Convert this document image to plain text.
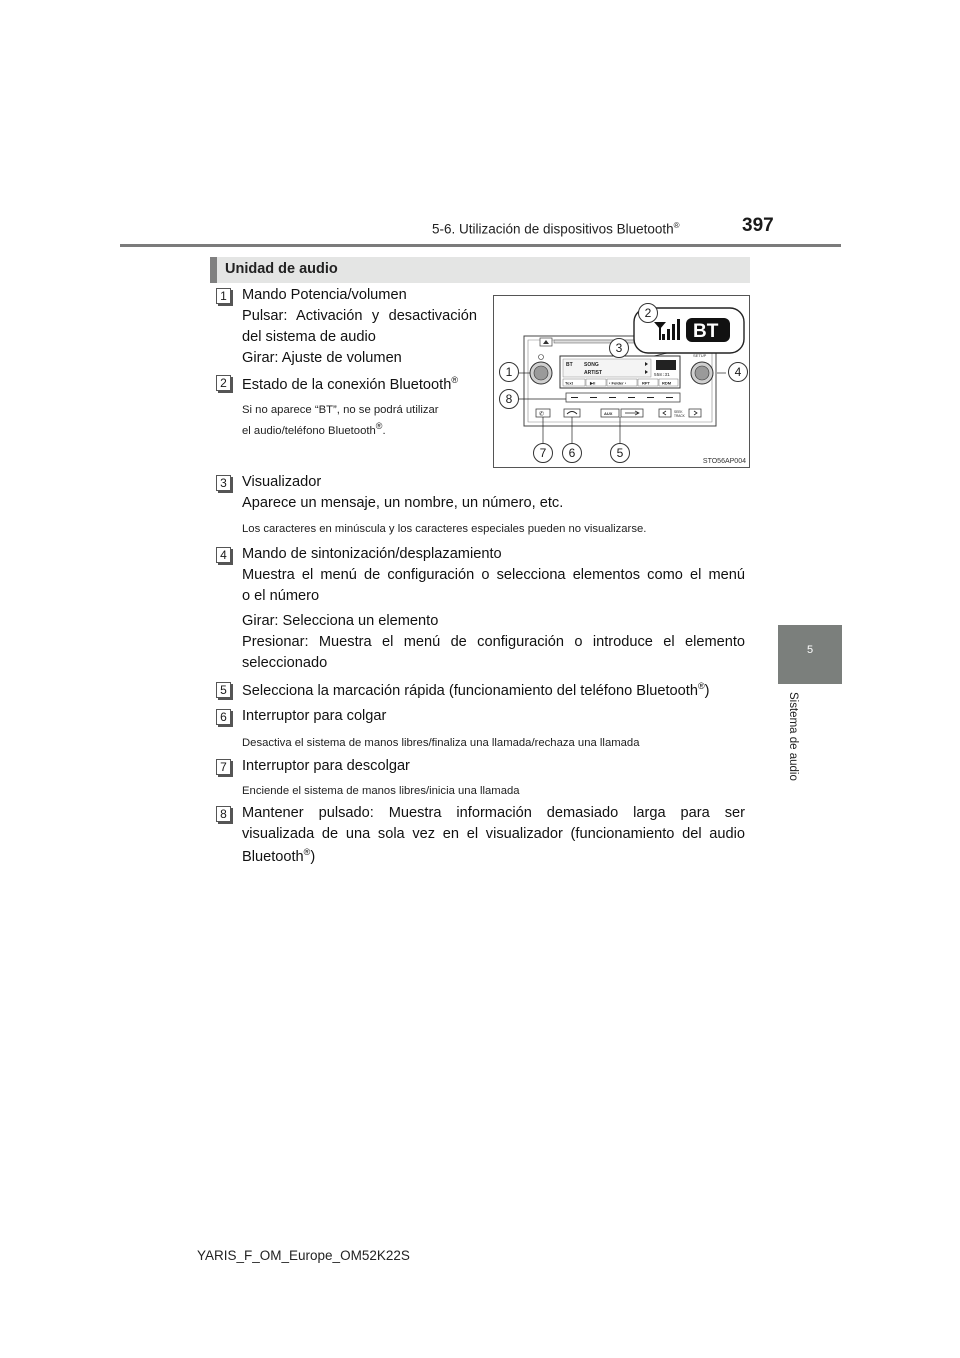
5-6. Utilización de dispositivos Bluetooth®	397
5
Sistema de audio
Unidad de audio
1 Mando Potencia/volumen
Pulsar: Activación y desactivación
del sistema de audio
Girar: Ajuste de volumen
2 Estado de la conexión Bluetooth®
Si no aparece “BT”, no se podrá utilizar
el audio/teléfono Bluetooth®.
SETUP
BT SONG
ARTIST	558:31
Text	▶II	‹ Folder ›	RPT	RDM
✆	AUX	SEEK
TRACK
BT
1
2
3
4
5
6
7
8
STO56AP004
3 Visualizador
Aparece un mensaje, un nombre, un número, etc.
Los caracteres en minúscula y los caracteres especiales pueden no visualizarse.
4 Mando de sintonización/desplazamiento
Muestra el menú de configuración o selecciona elementos como el menú
o el número
Girar: Selecciona un elemento
Presionar: Muestra el menú de configuración o introduce el elemento
seleccionado
5 Selecciona la marcación rápida (funcionamiento del teléfono Bluetooth®)
6 Interruptor para colgar
Desactiva el sistema de manos libres/finaliza una llamada/rechaza una llamada
7 Interruptor para descolgar
Enciende el sistema de manos libres/inicia una llamada
8 Mantener pulsado: Muestra información demasiado larga para ser
visualizada de una sola vez en el visualizador (funcionamiento del audio
Bluetooth®)
YARIS_F_OM_Europe_OM52K22S
